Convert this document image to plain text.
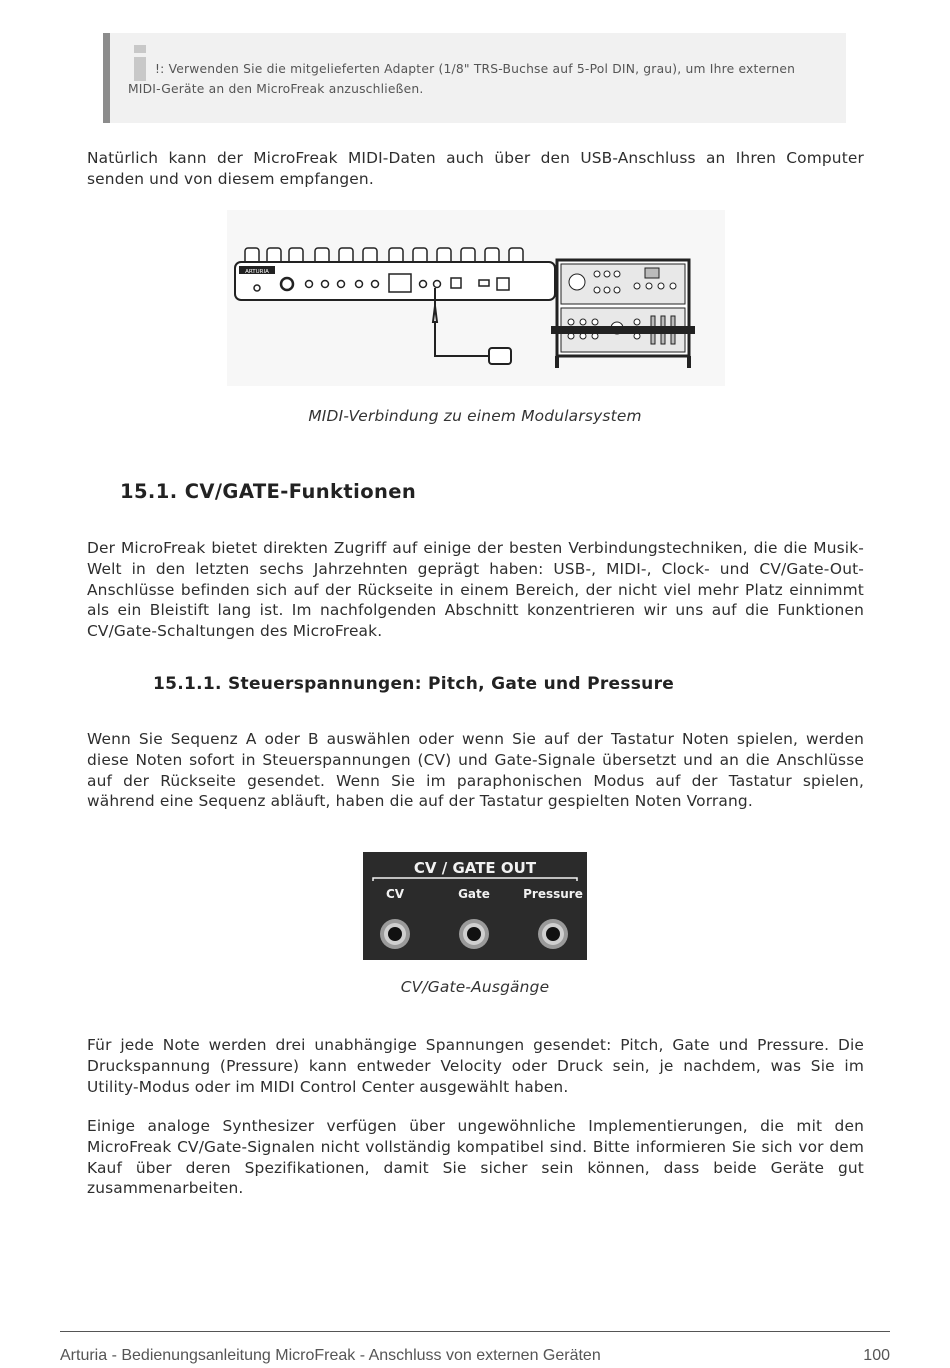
!: Verwenden Sie die mitgelieferten Adapter (1/8" TRS-Buchse auf 5-Pol DIN, grau), um Ihre externen
MIDI-Geräte an den MicroFreak anzuschließen.

Natürlich kann der MicroFreak MIDI-Daten auch über den USB-Anschluss an Ihren Computer senden und von diesem empfangen.

ARTURIA

MIDI-Verbindung zu einem Modularsystem

15.1. CV/GATE-Funktionen

Der MicroFreak bietet direkten Zugriff auf einige der besten Verbindungstechniken, die die Musik-Welt in den letzten sechs Jahrzehnten geprägt haben: USB-, MIDI-, Clock- und CV/Gate-Out-Anschlüsse befinden sich auf der Rückseite in einem Bereich, der nicht viel mehr Platz einnimmt als ein Bleistift lang ist. Im nachfolgenden Abschnitt konzentrieren wir uns auf die Funktionen CV/Gate-Schaltungen des MicroFreak.

15.1.1. Steuerspannungen: Pitch, Gate und Pressure

Wenn Sie Sequenz A oder B auswählen oder wenn Sie auf der Tastatur Noten spielen, werden diese Noten sofort in Steuerspannungen (CV) und Gate-Signale übersetzt und an die Anschlüsse auf der Rückseite gesendet. Wenn Sie im paraphonischen Modus auf der Tastatur spielen, während eine Sequenz abläuft, haben die auf der Tastatur gespielten Noten Vorrang.

CV / GATE OUT
CV	Gate	Pressure

CV/Gate-Ausgänge

Für jede Note werden drei unabhängige Spannungen gesendet: Pitch, Gate und Pressure. Die Druckspannung (Pressure) kann entweder Velocity oder Druck sein, je nachdem, was Sie im Utility-Modus oder im MIDI Control Center ausgewählt haben.

Einige analoge Synthesizer verfügen über ungewöhnliche Implementierungen, die mit den MicroFreak CV/Gate-Signalen nicht vollständig kompatibel sind. Bitte informieren Sie sich vor dem Kauf über deren Spezifikationen, damit Sie sicher sein können, dass beide Geräte gut zusammenarbeiten.

Arturia - Bedienungsanleitung MicroFreak - Anschluss von externen Geräten	100
